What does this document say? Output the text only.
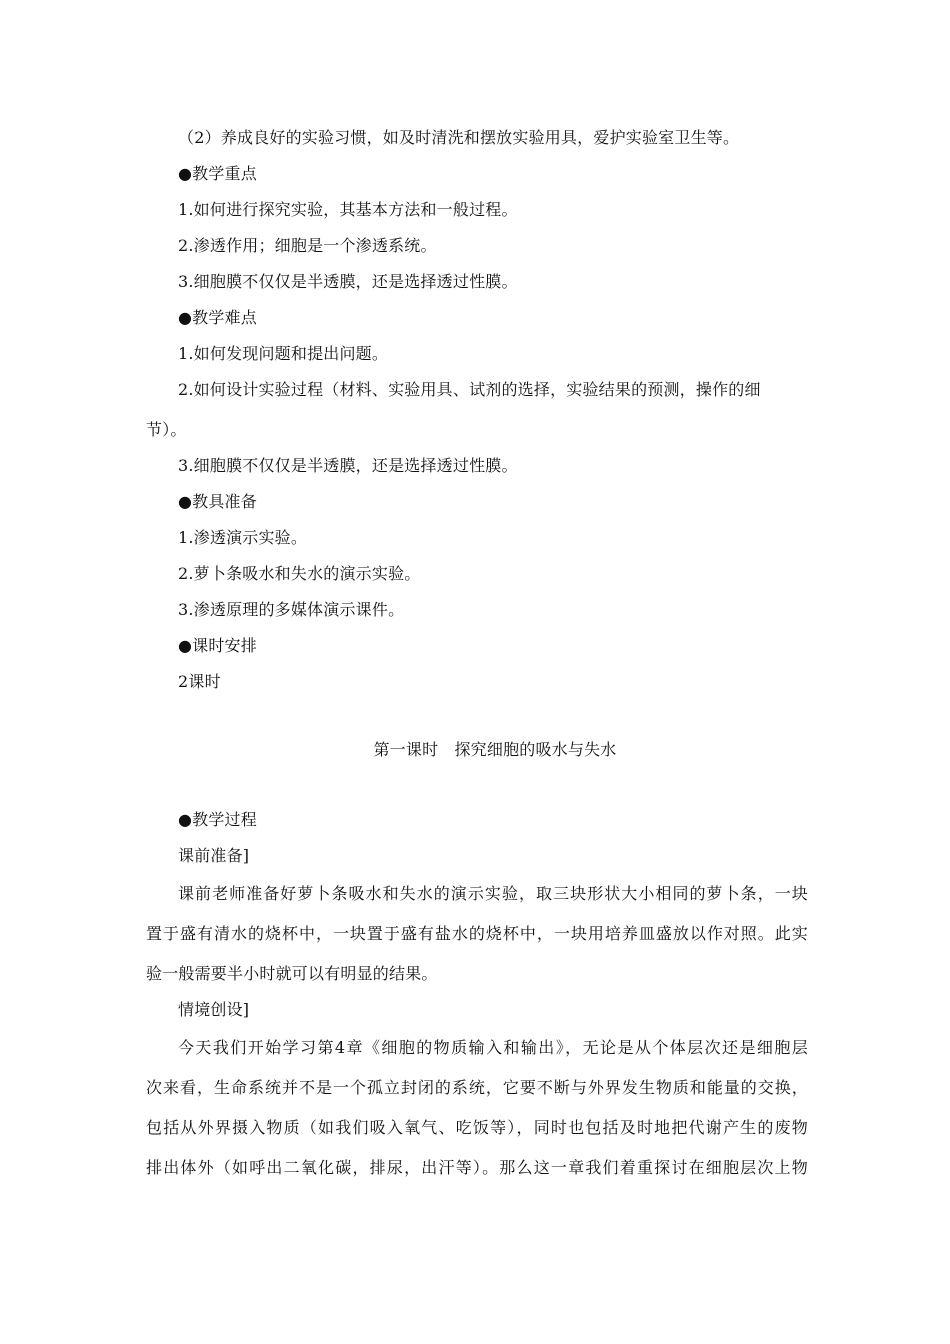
（2）养成良好的实验习惯，如及时清洗和摆放实验用具，爱护实验室卫生等。
●教学重点
1.如何进行探究实验，其基本方法和一般过程。
2.渗透作用；细胞是一个渗透系统。
3.细胞膜不仅仅是半透膜，还是选择透过性膜。
●教学难点
1.如何发现问题和提出问题。
2.如何设计实验过程（材料、实验用具、试剂的选择，实验结果的预测，操作的细
节）。
3.细胞膜不仅仅是半透膜，还是选择透过性膜。
●教具准备
1.渗透演示实验。
2.萝卜条吸水和失水的演示实验。
3.渗透原理的多媒体演示课件。
●课时安排
2课时
第一课时　探究细胞的吸水与失水
●教学过程
课前准备]
课前老师准备好萝卜条吸水和失水的演示实验，取三块形状大小相同的萝卜条，一块
置于盛有清水的烧杯中，一块置于盛有盐水的烧杯中，一块用培养皿盛放以作对照。此实
验一般需要半小时就可以有明显的结果。
情境创设]
今天我们开始学习第4章《细胞的物质输入和输出》，无论是从个体层次还是细胞层
次来看，生命系统并不是一个孤立封闭的系统，它要不断与外界发生物质和能量的交换，
包括从外界摄入物质（如我们吸入氧气、吃饭等），同时也包括及时地把代谢产生的废物
排出体外（如呼出二氧化碳，排尿，出汗等）。那么这一章我们着重探讨在细胞层次上物
